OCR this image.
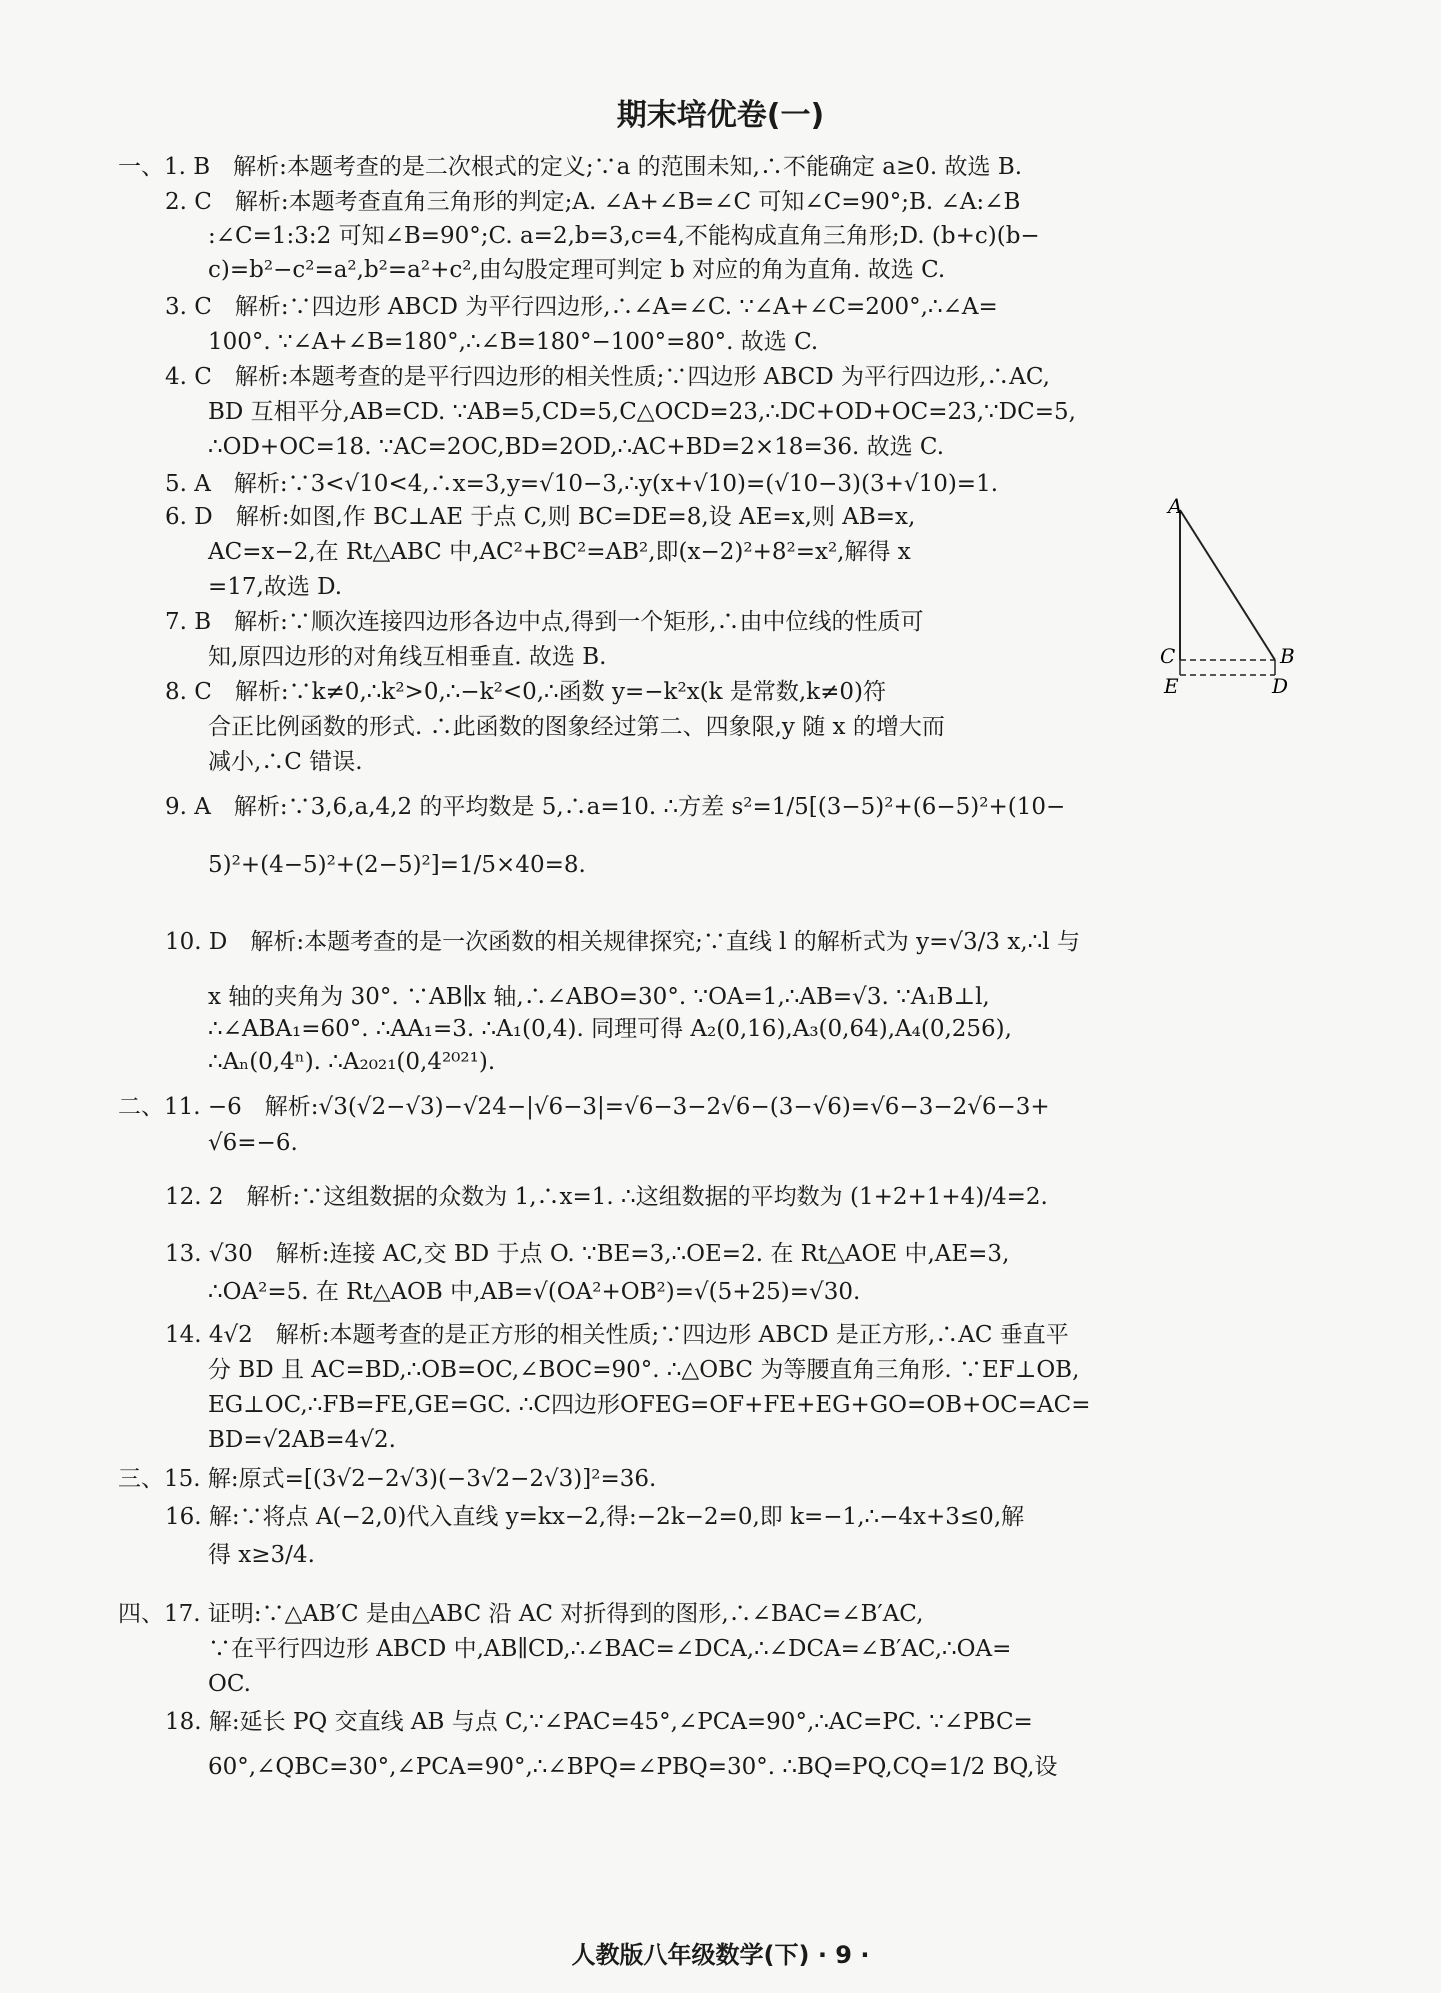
期末培优卷(一)
一、1. B　解析:本题考查的是二次根式的定义;∵a 的范围未知,∴不能确定 a≥0. 故选 B.
2. C　解析:本题考查直角三角形的判定;A. ∠A+∠B=∠C 可知∠C=90°;B. ∠A:∠B
:∠C=1:3:2 可知∠B=90°;C. a=2,b=3,c=4,不能构成直角三角形;D. (b+c)(b−
c)=b²−c²=a²,b²=a²+c²,由勾股定理可判定 b 对应的角为直角. 故选 C.
3. C　解析:∵四边形 ABCD 为平行四边形,∴∠A=∠C. ∵∠A+∠C=200°,∴∠A=
100°. ∵∠A+∠B=180°,∴∠B=180°−100°=80°. 故选 C.
4. C　解析:本题考查的是平行四边形的相关性质;∵四边形 ABCD 为平行四边形,∴AC,
BD 互相平分,AB=CD. ∵AB=5,CD=5,C△OCD=23,∴DC+OD+OC=23,∵DC=5,
∴OD+OC=18. ∵AC=2OC,BD=2OD,∴AC+BD=2×18=36. 故选 C.
5. A　解析:∵3<√10<4,∴x=3,y=√10−3,∴y(x+√10)=(√10−3)(3+√10)=1.
6. D　解析:如图,作 BC⊥AE 于点 C,则 BC=DE=8,设 AE=x,则 AB=x,
AC=x−2,在 Rt△ABC 中,AC²+BC²=AB²,即(x−2)²+8²=x²,解得 x
=17,故选 D.
7. B　解析:∵顺次连接四边形各边中点,得到一个矩形,∴由中位线的性质可
知,原四边形的对角线互相垂直. 故选 B.
8. C　解析:∵k≠0,∴k²>0,∴−k²<0,∴函数 y=−k²x(k 是常数,k≠0)符
合正比例函数的形式. ∴此函数的图象经过第二、四象限,y 随 x 的增大而
减小,∴C 错误.
9. A　解析:∵3,6,a,4,2 的平均数是 5,∴a=10. ∴方差 s²=1/5[(3−5)²+(6−5)²+(10−
5)²+(4−5)²+(2−5)²]=1/5×40=8.
10. D　解析:本题考查的是一次函数的相关规律探究;∵直线 l 的解析式为 y=√3/3 x,∴l 与
x 轴的夹角为 30°. ∵AB∥x 轴,∴∠ABO=30°. ∵OA=1,∴AB=√3. ∵A₁B⊥l,
∴∠ABA₁=60°. ∴AA₁=3. ∴A₁(0,4). 同理可得 A₂(0,16),A₃(0,64),A₄(0,256),
∴Aₙ(0,4ⁿ). ∴A₂₀₂₁(0,4²⁰²¹).
二、11. −6　解析:√3(√2−√3)−√24−|√6−3|=√6−3−2√6−(3−√6)=√6−3−2√6−3+
√6=−6.
12. 2　解析:∵这组数据的众数为 1,∴x=1. ∴这组数据的平均数为 (1+2+1+4)/4=2.
13. √30　解析:连接 AC,交 BD 于点 O. ∵BE=3,∴OE=2. 在 Rt△AOE 中,AE=3,
∴OA²=5. 在 Rt△AOB 中,AB=√(OA²+OB²)=√(5+25)=√30.
14. 4√2　解析:本题考查的是正方形的相关性质;∵四边形 ABCD 是正方形,∴AC 垂直平
分 BD 且 AC=BD,∴OB=OC,∠BOC=90°. ∴△OBC 为等腰直角三角形. ∵EF⊥OB,
EG⊥OC,∴FB=FE,GE=GC. ∴C四边形OFEG=OF+FE+EG+GO=OB+OC=AC=
BD=√2AB=4√2.
三、15. 解:原式=[(3√2−2√3)(−3√2−2√3)]²=36.
16. 解:∵将点 A(−2,0)代入直线 y=kx−2,得:−2k−2=0,即 k=−1,∴−4x+3≤0,解
得 x≥3/4.
四、17. 证明:∵△AB′C 是由△ABC 沿 AC 对折得到的图形,∴∠BAC=∠B′AC,
∵在平行四边形 ABCD 中,AB∥CD,∴∠BAC=∠DCA,∴∠DCA=∠B′AC,∴OA=
OC.
18. 解:延长 PQ 交直线 AB 与点 C,∵∠PAC=45°,∠PCA=90°,∴AC=PC. ∵∠PBC=
60°,∠QBC=30°,∠PCA=90°,∴∠BPQ=∠PBQ=30°. ∴BQ=PQ,CQ=1/2 BQ,设
A
C	B
E	D
人教版八年级数学(下) · 9 ·
